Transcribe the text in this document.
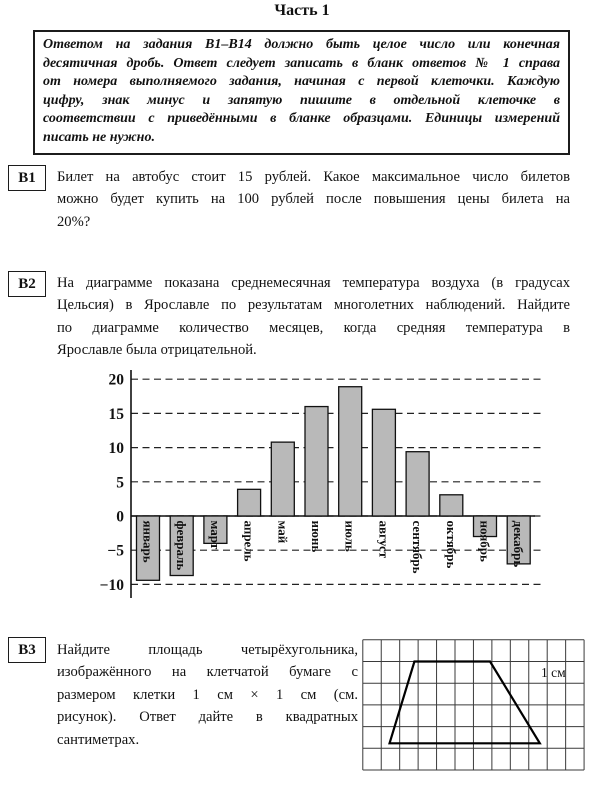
Часть 1
Ответом на задания В1–В14 должно быть целое число или конечная
десятичная дробь. Ответ следует записать в бланк ответов № 1 справа
от номера выполняемого задания, начиная с первой клеточки. Каждую
цифру, знак минус и запятую пишите в отдельной клеточке в
соответствии с приведёнными в бланке образцами. Единицы измерений
писать не нужно.
В1	Билет на автобус стоит 15 рублей. Какое максимальное число билетов
можно будет купить на 100 рублей после повышения цены билета на
20%?
В2	На диаграмме показана среднемесячная температура воздуха (в градусах
Цельсия) в Ярославле по результатам многолетних наблюдений. Найдите
по диаграмме количество месяцев, когда средняя температура в
Ярославле была отрицательной.
20
15
10
5
0
−5
−10
январь февраль март апрель май июнь июль август сентябрь октябрь ноябрь декабрь
В3	Найдите площадь четырёхугольника,
изображённого на клетчатой бумаге с
размером клетки 1 см × 1 см (см.
рисунок). Ответ дайте в квадратных
сантиметрах.
1 см
